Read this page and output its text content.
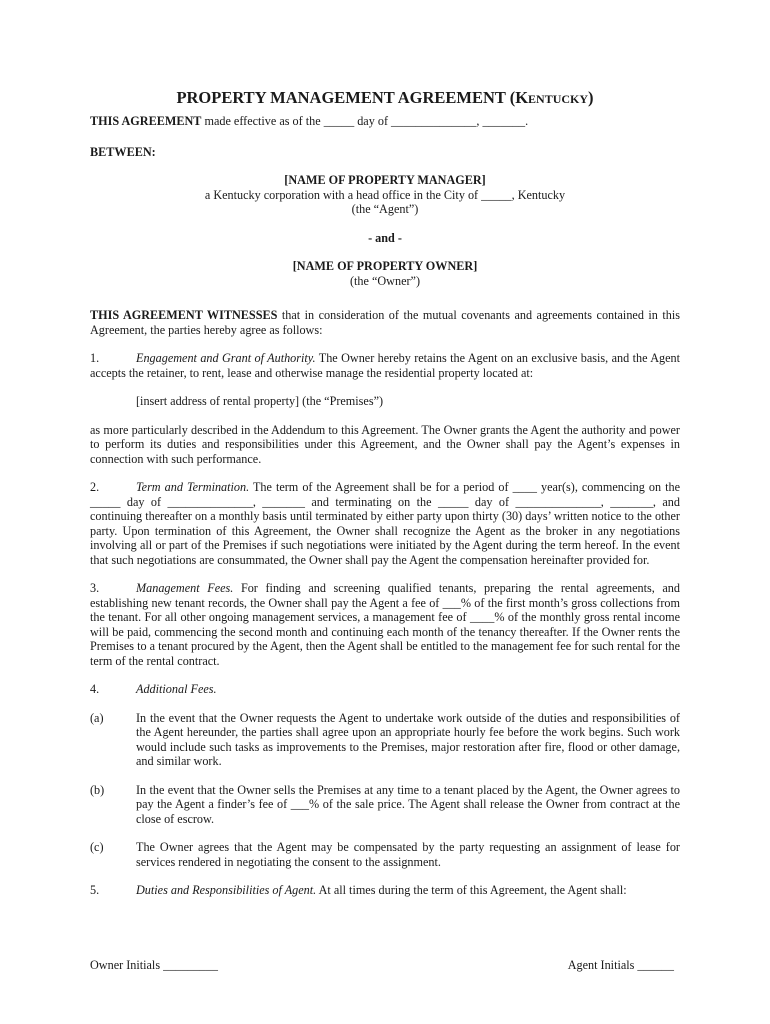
PROPERTY MANAGEMENT AGREEMENT (Kentucky)

THIS AGREEMENT made effective as of the _____ day of ______________, _______.

BETWEEN:

[NAME OF PROPERTY MANAGER]

a Kentucky corporation with a head office in the City of _____, Kentucky

(the “Agent”)

- and -

[NAME OF PROPERTY OWNER]

(the “Owner”)

THIS AGREEMENT WITNESSES that in consideration of the mutual covenants and agreements contained in this Agreement, the parties hereby agree as follows:

1.	Engagement and Grant of Authority. The Owner hereby retains the Agent on an exclusive basis, and the Agent accepts the retainer, to rent, lease and otherwise manage the residential property located at:

[insert address of rental property] (the “Premises”)

as more particularly described in the Addendum to this Agreement. The Owner grants the Agent the authority and power to perform its duties and responsibilities under this Agreement, and the Owner shall pay the Agent’s expenses in connection with such performance.

2.	Term and Termination. The term of the Agreement shall be for a period of ____ year(s), commencing on the _____ day of ______________, _______ and terminating on the _____ day of ______________, _______, and continuing thereafter on a monthly basis until terminated by either party upon thirty (30) days’ written notice to the other party. Upon termination of this Agreement, the Owner shall recognize the Agent as the broker in any negotiations involving all or part of the Premises if such negotiations were initiated by the Agent during the term hereof. In the event that such negotiations are consummated, the Owner shall pay the Agent the compensation hereinafter provided for.

3.	Management Fees. For finding and screening qualified tenants, preparing the rental agreements, and establishing new tenant records, the Owner shall pay the Agent a fee of ___% of the first month’s gross collections from the tenant. For all other ongoing management services, a management fee of ____% of the monthly gross rental income will be paid, commencing the second month and continuing each month of the tenancy thereafter. If the Owner rents the Premises to a tenant procured by the Agent, then the Agent shall be entitled to the management fee for such rental for the term of the rental contract.

4.	Additional Fees.

(a)	In the event that the Owner requests the Agent to undertake work outside of the duties and responsibilities of the Agent hereunder, the parties shall agree upon an appropriate hourly fee before the work begins. Such work would include such tasks as improvements to the Premises, major restoration after fire, flood or other damage, and similar work.
(b)	In the event that the Owner sells the Premises at any time to a tenant placed by the Agent, the Owner agrees to pay the Agent a finder’s fee of ___% of the sale price. The Agent shall release the Owner from contract at the close of escrow.
(c)	The Owner agrees that the Agent may be compensated by the party requesting an assignment of lease for services rendered in negotiating the consent to the assignment.

5.	Duties and Responsibilities of Agent. At all times during the term of this Agreement, the Agent shall:

Owner Initials _________	Agent Initials ______
